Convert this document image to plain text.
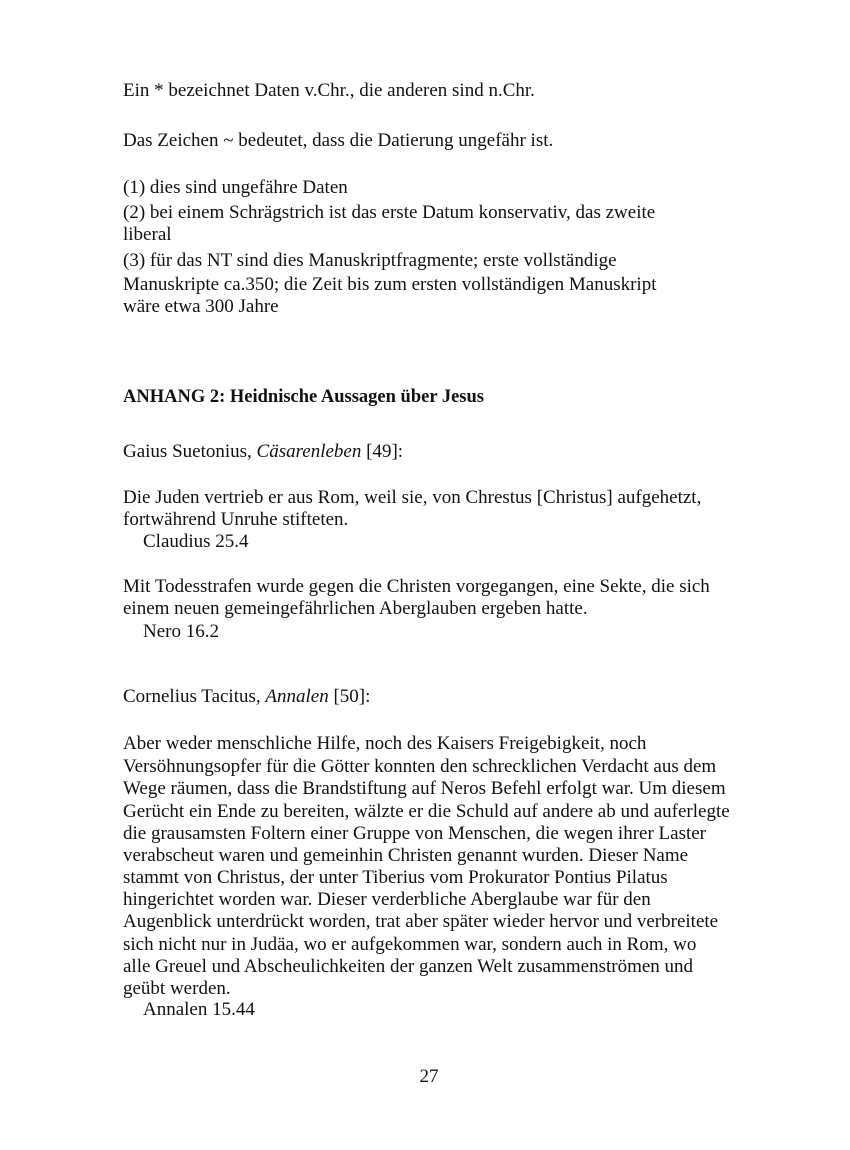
Ein * bezeichnet Daten v.Chr., die anderen sind n.Chr.
Das Zeichen ~ bedeutet, dass die Datierung ungefähr ist.
(1) dies sind ungefähre Daten
(2) bei einem Schrägstrich ist das erste Datum konservativ, das zweite
liberal
(3) für das NT sind dies Manuskriptfragmente; erste vollständige
Manuskripte ca.350; die Zeit bis zum ersten vollständigen Manuskript
wäre etwa 300 Jahre
ANHANG 2: Heidnische Aussagen über Jesus
Gaius Suetonius, Cäsarenleben [49]:
Die Juden vertrieb er aus Rom, weil sie, von Chrestus [Christus] aufgehetzt,
fortwährend Unruhe stifteten.
Claudius 25.4
Mit Todesstrafen wurde gegen die Christen vorgegangen, eine Sekte, die sich
einem neuen gemeingefährlichen Aberglauben ergeben hatte.
Nero 16.2
Cornelius Tacitus, Annalen [50]:
Aber weder menschliche Hilfe, noch des Kaisers Freigebigkeit, noch
Versöhnungsopfer für die Götter konnten den schrecklichen Verdacht aus dem
Wege räumen, dass die Brandstiftung auf Neros Befehl erfolgt war. Um diesem
Gerücht ein Ende zu bereiten, wälzte er die Schuld auf andere ab und auferlegte
die grausamsten Foltern einer Gruppe von Menschen, die wegen ihrer Laster
verabscheut waren und gemeinhin Christen genannt wurden. Dieser Name
stammt von Christus, der unter Tiberius vom Prokurator Pontius Pilatus
hingerichtet worden war. Dieser verderbliche Aberglaube war für den
Augenblick unterdrückt worden, trat aber später wieder hervor und verbreitete
sich nicht nur in Judäa, wo er aufgekommen war, sondern auch in Rom, wo
alle Greuel und Abscheulichkeiten der ganzen Welt zusammenströmen und
geübt werden.
Annalen 15.44
27
